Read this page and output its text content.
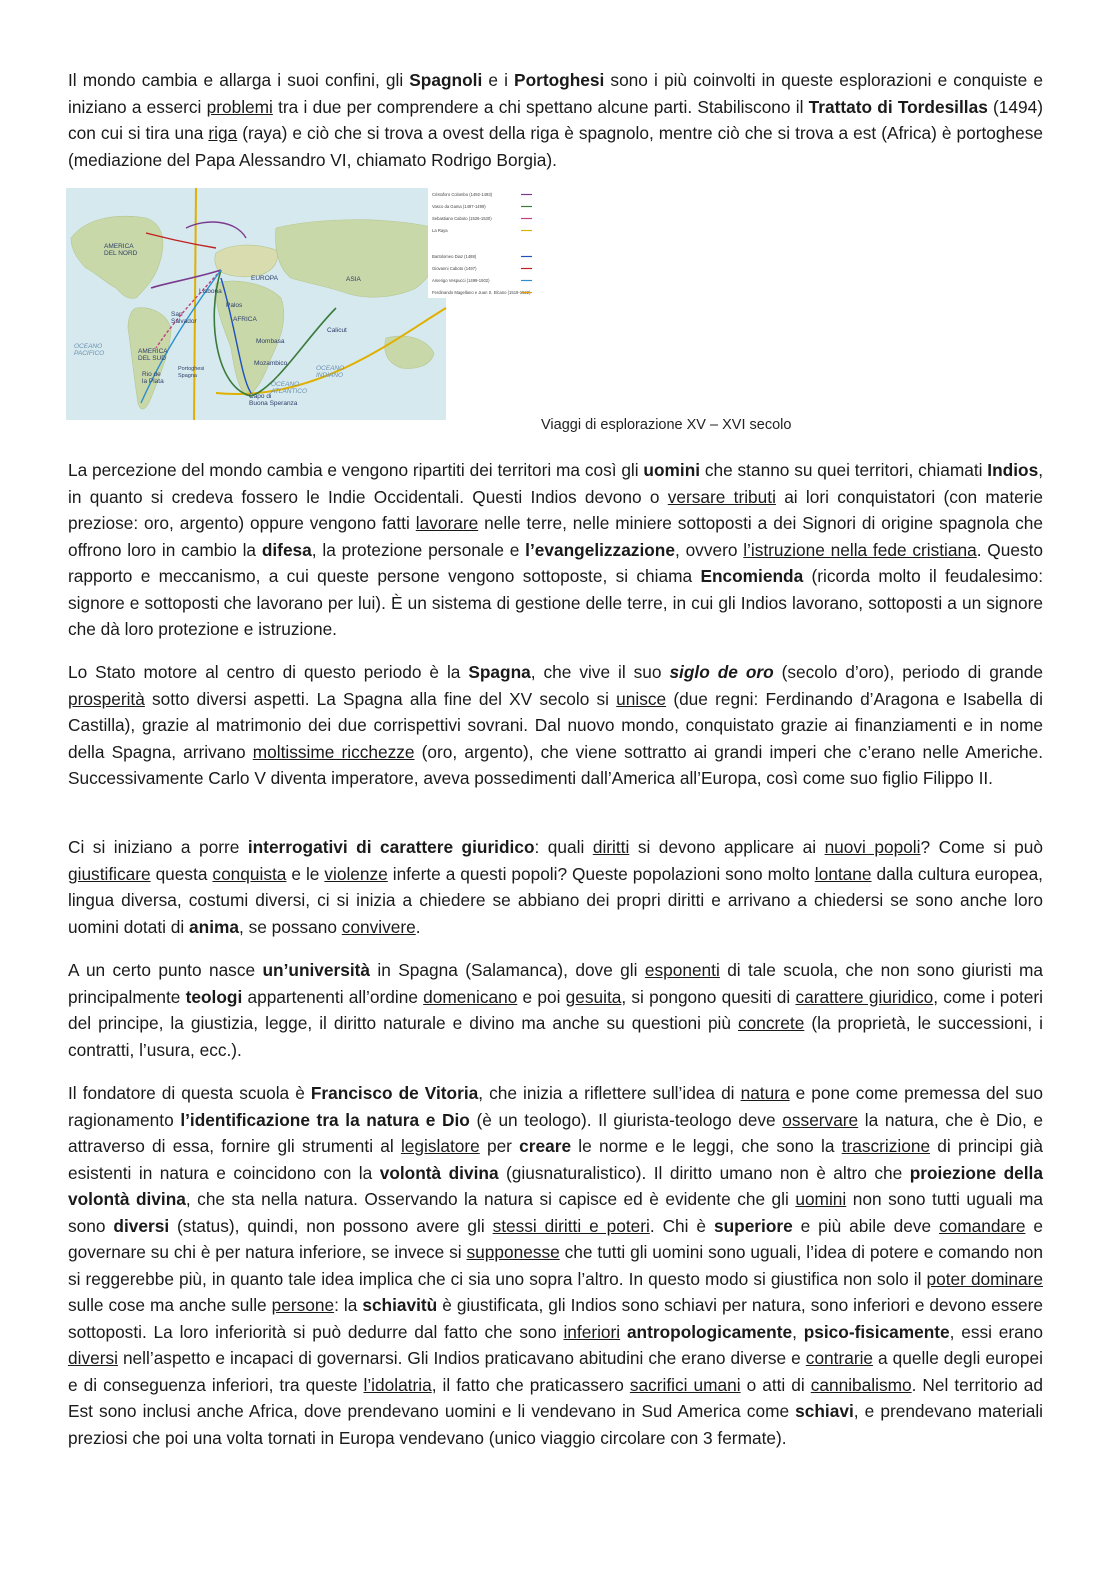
Il mondo cambia e allarga i suoi confini, gli Spagnoli e i Portoghesi sono i più coinvolti in queste esplorazioni e conquiste e iniziano a esserci problemi tra i due per comprendere a chi spettano alcune parti. Stabiliscono il Trattato di Tordesillas (1494) con cui si tira una riga (raya) e ciò che si trova a ovest della riga è spagnolo, mentre ciò che si trova a est (Africa) è portoghese (mediazione del Papa Alessandro VI, chiamato Rodrigo Borgia).

Cristoforo Colombo (1492-1493)
Vasco da Gama (1497-1499)
Sebastiano Caboto (1526-1530)
La Raya
Bartolomeo Diaz (1488)
Giovanni Caboto (1497)
Amerigo Vespucci (1499-1502)
Ferdinando Magellano e Juan S. Elcano (1519-1522)
AMERICA DEL NORD
AMERICA DEL SUD
EUROPA	ASIA
AFRICA
Lisbona
Palos
San Salvador
Rio de la Plata
Calicut
Mombasa
Mozambico
Capo di Buona Speranza
OCEANO ATLANTICO
OCEANO INDIANO
OCEANO PACIFICO
Portoghesi Spagna
Viaggi di esplorazione XV – XVI secolo

La percezione del mondo cambia e vengono ripartiti dei territori ma così gli uomini che stanno su quei territori, chiamati Indios, in quanto si credeva fossero le Indie Occidentali. Questi Indios devono o versare tributi ai lori conquistatori (con materie preziose: oro, argento) oppure vengono fatti lavorare nelle terre, nelle miniere sottoposti a dei Signori di origine spagnola che offrono loro in cambio la difesa, la protezione personale e l’evangelizzazione, ovvero l’istruzione nella fede cristiana. Questo rapporto e meccanismo, a cui queste persone vengono sottoposte, si chiama Encomienda (ricorda molto il feudalesimo: signore e sottoposti che lavorano per lui). È un sistema di gestione delle terre, in cui gli Indios lavorano, sottoposti a un signore che dà loro protezione e istruzione.

Lo Stato motore al centro di questo periodo è la Spagna, che vive il suo siglo de oro (secolo d’oro), periodo di grande prosperità sotto diversi aspetti. La Spagna alla fine del XV secolo si unisce (due regni: Ferdinando d’Aragona e Isabella di Castilla), grazie al matrimonio dei due corrispettivi sovrani. Dal nuovo mondo, conquistato grazie ai finanziamenti e in nome della Spagna, arrivano moltissime ricchezze (oro, argento), che viene sottratto ai grandi imperi che c’erano nelle Americhe. Successivamente Carlo V diventa imperatore, aveva possedimenti dall’America all’Europa, così come suo figlio Filippo II.

Ci si iniziano a porre interrogativi di carattere giuridico: quali diritti si devono applicare ai nuovi popoli? Come si può giustificare questa conquista e le violenze inferte a questi popoli? Queste popolazioni sono molto lontane dalla cultura europea, lingua diversa, costumi diversi, ci si inizia a chiedere se abbiano dei propri diritti e arrivano a chiedersi se sono anche loro uomini dotati di anima, se possano convivere.

A un certo punto nasce un’università in Spagna (Salamanca), dove gli esponenti di tale scuola, che non sono giuristi ma principalmente teologi appartenenti all’ordine domenicano e poi gesuita, si pongono quesiti di carattere giuridico, come i poteri del principe, la giustizia, legge, il diritto naturale e divino ma anche su questioni più concrete (la proprietà, le successioni, i contratti, l’usura, ecc.).

Il fondatore di questa scuola è Francisco de Vitoria, che inizia a riflettere sull’idea di natura e pone come premessa del suo ragionamento l’identificazione tra la natura e Dio (è un teologo). Il giurista-teologo deve osservare la natura, che è Dio, e attraverso di essa, fornire gli strumenti al legislatore per creare le norme e le leggi, che sono la trascrizione di principi già esistenti in natura e coincidono con la volontà divina (giusnaturalistico). Il diritto umano non è altro che proiezione della volontà divina, che sta nella natura. Osservando la natura si capisce ed è evidente che gli uomini non sono tutti uguali ma sono diversi (status), quindi, non possono avere gli stessi diritti e poteri. Chi è superiore e più abile deve comandare e governare su chi è per natura inferiore, se invece si supponesse che tutti gli uomini sono uguali, l’idea di potere e comando non si reggerebbe più, in quanto tale idea implica che ci sia uno sopra l’altro. In questo modo si giustifica non solo il poter dominare sulle cose ma anche sulle persone: la schiavitù è giustificata, gli Indios sono schiavi per natura, sono inferiori e devono essere sottoposti. La loro inferiorità si può dedurre dal fatto che sono inferiori antropologicamente, psico-fisicamente, essi erano diversi nell’aspetto e incapaci di governarsi. Gli Indios praticavano abitudini che erano diverse e contrarie a quelle degli europei e di conseguenza inferiori, tra queste l’idolatria, il fatto che praticassero sacrifici umani o atti di cannibalismo. Nel territorio ad Est sono inclusi anche Africa, dove prendevano uomini e li vendevano in Sud America come schiavi, e prendevano materiali preziosi che poi una volta tornati in Europa vendevano (unico viaggio circolare con 3 fermate).
